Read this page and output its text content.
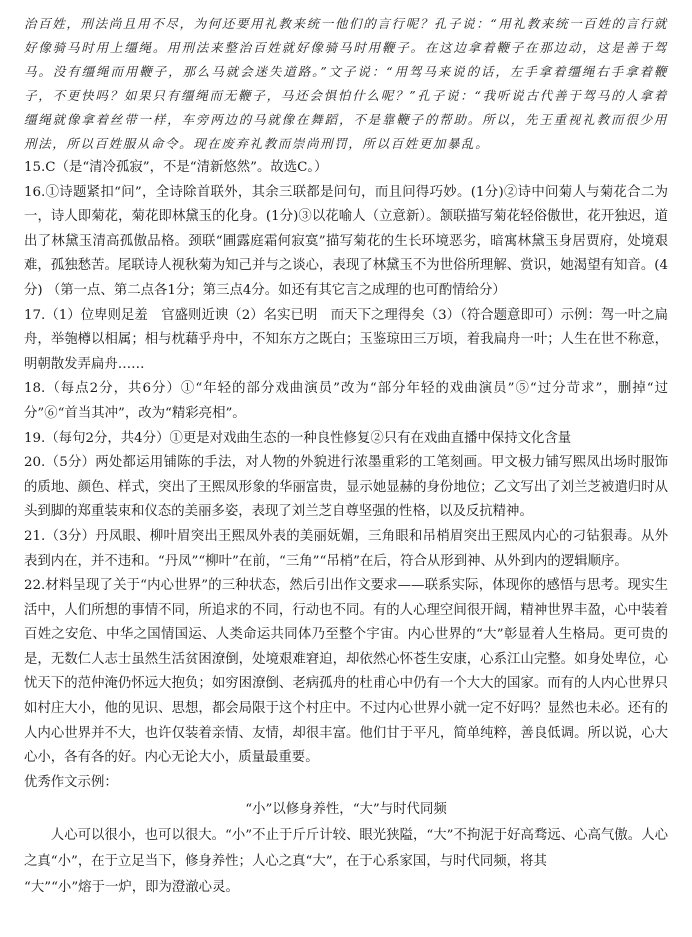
治百姓，刑法尚且用不尽，为何还要用礼教来统一他们的言行呢？孔子说：“用礼教来统一百姓的言行就好像骑马时用上缰绳。用刑法来整治百姓就好像骑马时用鞭子。在这边拿着鞭子在那边动，这是善于驾马。没有缰绳而用鞭子，那么马就会迷失道路。”文子说：“用驾马来说的话，左手拿着缰绳右手拿着鞭子，不更快吗？如果只有缰绳而无鞭子，马还会惧怕什么呢？”孔子说：“我听说古代善于驾马的人拿着缰绳就像拿着丝带一样，车旁两边的马就像在舞蹈，不是靠鞭子的帮助。所以，先王重视礼教而很少用刑法，所以百姓服从命令。现在废弃礼教而崇尚刑罚，所以百姓更加暴乱。

15.C（是“清冷孤寂”，不是“清新悠然”。故选C。）

16.①诗题紧扣“问”，全诗除首联外，其余三联都是问句，而且问得巧妙。(1分)②诗中问菊人与菊花合二为一，诗人即菊花，菊花即林黛玉的化身。(1分)③以花喻人（立意新）。颔联描写菊花轻俗傲世，花开独迟，道出了林黛玉清高孤傲品格。颈联“圃露庭霜何寂寞”描写菊花的生长环境恶劣，暗寓林黛玉身居贾府，处境艰难，孤独愁苦。尾联诗人视秋菊为知己并与之谈心，表现了林黛玉不为世俗所理解、赏识，她渴望有知音。(4分) （第一点、第二点各1分；第三点4分。如还有其它言之成理的也可酌情给分）

17.（1）位卑则足羞　官盛则近谀（2）名实已明　而天下之理得矣（3）（符合题意即可）示例：驾一叶之扁舟，举匏樽以相属；相与枕藉乎舟中，不知东方之既白；玉鉴琼田三万顷，着我扁舟一叶；人生在世不称意，明朝散发弄扁舟……

18.（每点2分，共6分）①“年轻的部分戏曲演员”改为“部分年轻的戏曲演员”⑤“过分苛求”，删掉“过分”⑥“首当其冲”，改为“精彩亮相”。

19.（每句2分，共4分）①更是对戏曲生态的一种良性修复②只有在戏曲直播中保持文化含量

20.（5分）两处都运用铺陈的手法，对人物的外貌进行浓墨重彩的工笔刻画。甲文极力铺写熙凤出场时服饰的质地、颜色、样式，突出了王熙凤形象的华丽富贵，显示她显赫的身份地位；乙文写出了刘兰芝被遣归时从头到脚的郑重装束和仪态的美丽多姿，表现了刘兰芝自尊坚强的性格，以及反抗精神。

21.（3分）丹凤眼、柳叶眉突出王熙凤外表的美丽妩媚，三角眼和吊梢眉突出王熙凤内心的刁钻狠毒。从外表到内在，并不违和。“丹凤”“柳叶”在前，“三角”“吊梢”在后，符合从形到神、从外到内的逻辑顺序。

22.材料呈现了关于“内心世界”的三种状态，然后引出作文要求——联系实际，体现你的感悟与思考。现实生活中，人们所想的事情不同，所追求的不同，行动也不同。有的人心理空间很开阔，精神世界丰盈，心中装着百姓之安危、中华之国情国运、人类命运共同体乃至整个宇宙。内心世界的“大”彰显着人生格局。更可贵的是，无数仁人志士虽然生活贫困潦倒，处境艰难窘迫，却依然心怀苍生安康，心系江山完整。如身处卑位，心忧天下的范仲淹仍怀远大抱负；如穷困潦倒、老病孤舟的杜甫心中仍有一个大大的国家。而有的人内心世界只如村庄大小，他的见识、思想，都会局限于这个村庄中。不过内心世界小就一定不好吗？显然也未必。还有的人内心世界并不大，也许仅装着亲情、友情，却很丰富。他们甘于平凡，简单纯粹，善良低调。所以说，心大心小，各有各的好。内心无论大小，质量最重要。

优秀作文示例：

“小”以修身养性，“大”与时代同频

人心可以很小，也可以很大。“小”不止于斤斤计较、眼光狭隘，“大”不拘泥于好高骛远、心高气傲。人心之真“小”，在于立足当下，修身养性；人心之真“大”，在于心系家国，与时代同频，将其

“大”“小”熔于一炉，即为澄澈心灵。
